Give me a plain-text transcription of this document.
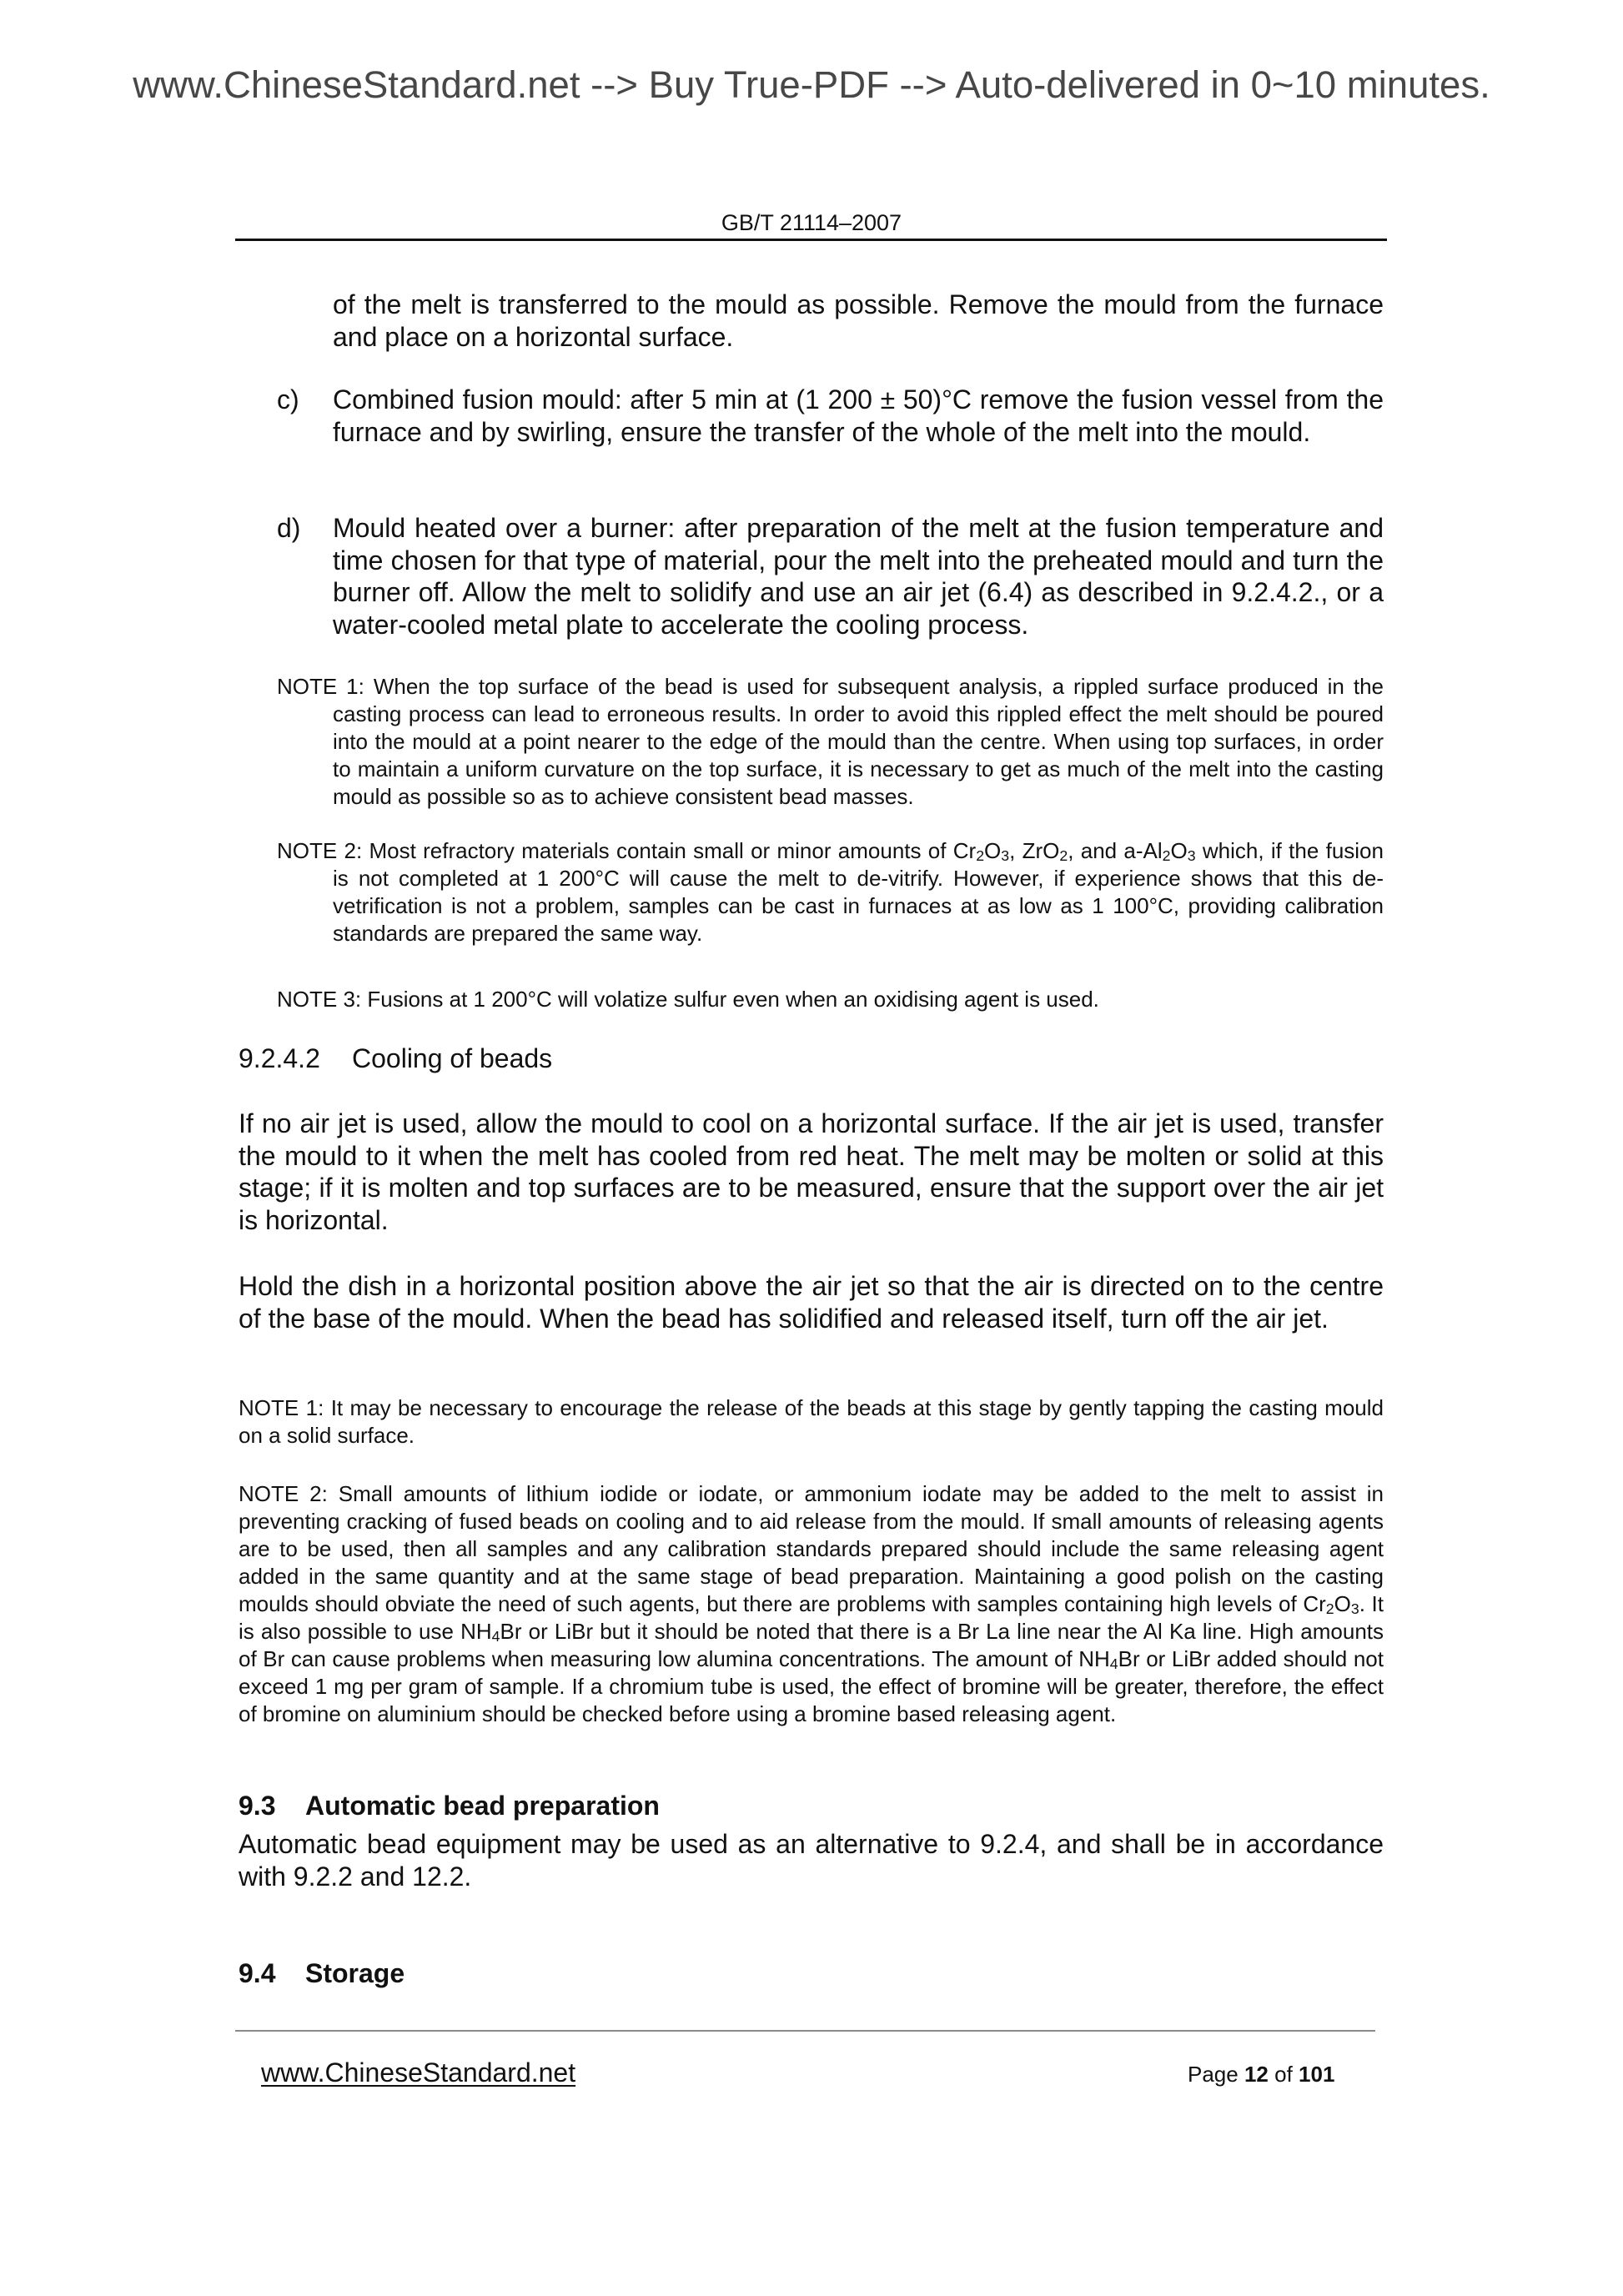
www.ChineseStandard.net --> Buy True-PDF --> Auto-delivered in 0~10 minutes.
GB/T 21114–2007
of the melt is transferred to the mould as possible. Remove the mould from the furnace and place on a horizontal surface.
c) Combined fusion mould: after 5 min at (1 200 ± 50)°C remove the fusion vessel from the furnace and by swirling, ensure the transfer of the whole of the melt into the mould.
d) Mould heated over a burner: after preparation of the melt at the fusion temperature and time chosen for that type of material, pour the melt into the preheated mould and turn the burner off. Allow the melt to solidify and use an air jet (6.4) as described in 9.2.4.2., or a water-cooled metal plate to accelerate the cooling process.
NOTE 1: When the top surface of the bead is used for subsequent analysis, a rippled surface produced in the casting process can lead to erroneous results. In order to avoid this rippled effect the melt should be poured into the mould at a point nearer to the edge of the mould than the centre. When using top surfaces, in order to maintain a uniform curvature on the top surface, it is necessary to get as much of the melt into the casting mould as possible so as to achieve consistent bead masses.
NOTE 2: Most refractory materials contain small or minor amounts of $Cr_2O_3$, ZrO$_2$, and $a-Al_2O_3$ which, if the fusion is not completed at 1 200°C will cause the melt to de-vitrify. However, if experience shows that this de-vetrification is not a problem, samples can be cast in furnaces at as low as 1 100°C, providing calibration standards are prepared the same way.
NOTE 3: Fusions at 1 200°C will volatize sulfur even when an oxidising agent is used.
9.2.4.2 Cooling of beads
If no air jet is used, allow the mould to cool on a horizontal surface. If the air jet is used, transfer the mould to it when the melt has cooled from red heat. The melt may be molten or solid at this stage; if it is molten and top surfaces are to be measured, ensure that the support over the air jet is horizontal.
Hold the dish in a horizontal position above the air jet so that the air is directed on to the centre of the base of the mould. When the bead has solidified and released itself, turn off the air jet.
NOTE 1: It may be necessary to encourage the release of the beads at this stage by gently tapping the casting mould on a solid surface.
NOTE 2: Small amounts of lithium iodide or iodate, or ammonium iodate may be added to the melt to assist in preventing cracking of fused beads on cooling and to aid release from the mould. If small amounts of releasing agents are to be used, then all samples and any calibration standards prepared should include the same releasing agent added in the same quantity and at the same stage of bead preparation. Maintaining a good polish on the casting moulds should obviate the need of such agents, but there are problems with samples containing high levels of $Cr_2O_3$. It is also possible to use $NH_4Br$ or LiBr but it should be noted that there is a Br La line near the Al Ka line. High amounts of Br can cause problems when measuring low alumina concentrations. The amount of $NH_4Br$ or LiBr added should not exceed 1 mg per gram of sample. If a chromium tube is used, the effect of bromine will be greater, therefore, the effect of bromine on aluminium should be checked before using a bromine based releasing agent.
9.3 Automatic bead preparation
Automatic bead equipment may be used as an alternative to 9.2.4, and shall be in accordance with 9.2.2 and 12.2.
9.4 Storage
www.ChineseStandard.net	Page 12 of 101
